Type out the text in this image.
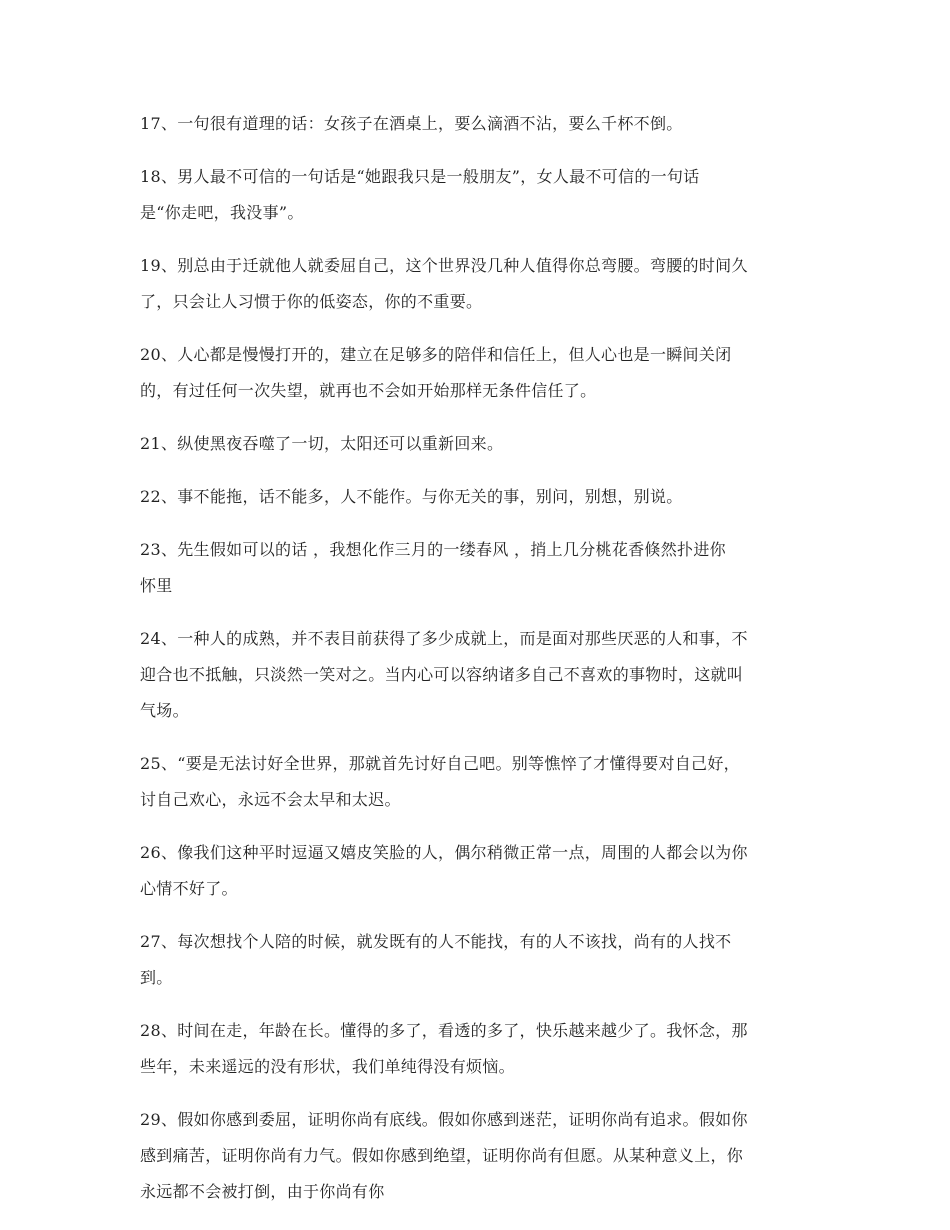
17、一句很有道理的话：女孩子在酒桌上，要么滴酒不沾，要么千杯不倒。

18、男人最不可信的一句话是“她跟我只是一般朋友”，女人最不可信的一句话
是“你走吧，我没事”。

19、别总由于迁就他人就委屈自己，这个世界没几种人值得你总弯腰。弯腰的时间久
了，只会让人习惯于你的低姿态，你的不重要。

20、人心都是慢慢打开的，建立在足够多的陪伴和信任上，但人心也是一瞬间关闭
的，有过任何一次失望，就再也不会如开始那样无条件信任了。

21、纵使黑夜吞噬了一切，太阳还可以重新回来。

22、事不能拖，话不能多，人不能作。与你无关的事，别问，别想，别说。

23、先生假如可以的话 ，我想化作三月的一缕春风 ，捎上几分桃花香倏然扑进你
怀里

24、一种人的成熟，并不表目前获得了多少成就上，而是面对那些厌恶的人和事，不
迎合也不抵触，只淡然一笑对之。当内心可以容纳诸多自己不喜欢的事物时，这就叫
气场。

25、“要是无法讨好全世界，那就首先讨好自己吧。别等憔悴了才懂得要对自己好，
讨自己欢心，永远不会太早和太迟。

26、像我们这种平时逗逼又嬉皮笑脸的人，偶尔稍微正常一点，周围的人都会以为你
心情不好了。

27、每次想找个人陪的时候，就发既有的人不能找，有的人不该找，尚有的人找不
到。

28、时间在走，年龄在长。懂得的多了，看透的多了，快乐越来越少了。我怀念，那
些年，未来遥远的没有形状，我们单纯得没有烦恼。

29、假如你感到委屈，证明你尚有底线。假如你感到迷茫，证明你尚有追求。假如你
感到痛苦，证明你尚有力气。假如你感到绝望，证明你尚有但愿。从某种意义上，你
永远都不会被打倒，由于你尚有你
